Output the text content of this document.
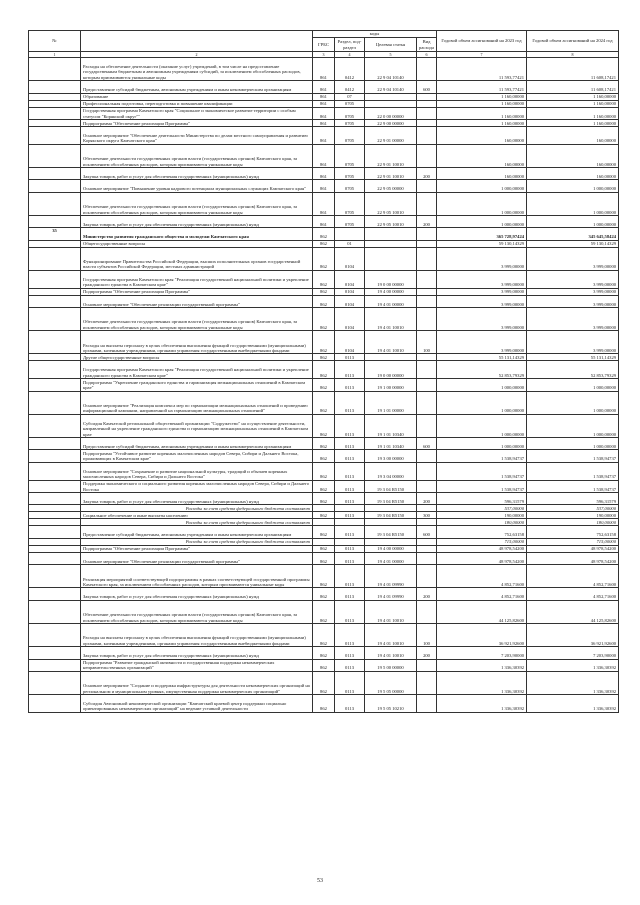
№		коды				Годовой объем ассигнований на 2023 год	Годовой объем ассигнований на 2024 год
		ГРБС	Раздел, под-раздел	Целевая статья	Вид расхода		
1	2	3	4	5	6	7	8
	Расходы на обеспечение деятельности (оказание услуг) учреждений, в том числе на предоставление государственным бюджетным и автономным учреждениям субсидий, за исключением обособленных расходов, которым присваиваются уникальные коды	861	0412	22 9 04 10140		11 593,77421	11 608,17421
	Предоставление субсидий бюджетным, автономным учреждениям и иным некоммерческим организациям	861	0412	22 9 04 10140	600	11 593,77421	11 608,17421
	Образование	861	07			1 160,00000	1 160,00000
	Профессиональная подготовка, переподготовка и повышение квалификации	861	0705			1 160,00000	1 160,00000
	Государственная программа Камчатского края "Социальное и экономическое развитие территории с особым статусом "Корякский округ""	861	0705	22 0 00 00000		1 160,00000	1 160,00000
	Подпрограмма "Обеспечение реализации Программы"	861	0705	22 9 00 00000		1 160,00000	1 160,00000
	Основное мероприятие "Обеспечение деятельности Министерства по делам местного самоуправления и развитию Корякского округа Камчатского края"	861	0705	22 9 01 00000		160,00000	160,00000
	Обеспечение деятельности государственных органов власти (государственных органов) Камчатского края, за исключением обособленных расходов, которым присваиваются уникальные коды	861	0705	22 9 01 10010		160,00000	160,00000
	Закупка товаров, работ и услуг для обеспечения государственных (муниципальных) нужд	861	0705	22 9 01 10010	200	160,00000	160,00000
	Основное мероприятие "Повышение уровня кадрового потенциала муниципальных служащих Камчатского края"	861	0705	22 9 05 00000		1 000,00000	1 000,00000
	Обеспечение деятельности государственных органов власти (государственных органов) Камчатского края, за исключением обособленных расходов, которым присваиваются уникальные коды	861	0705	22 9 05 10010		1 000,00000	1 000,00000
	Закупка товаров, работ и услуг для обеспечения государственных (муниципальных) нужд	861	0705	22 9 05 10010	200	1 000,00000	1 000,00000
35	Министерство развития гражданского общества и молодежи Камчатского края	862				365 728,97424	345 645,58424
	Общегосударственные вопросы	862	01			59 130,14329	59 130,14329
	Функционирование Правительства Российской Федерации, высших исполнительных органов государственной власти субъектов Российской Федерации, местных администраций	862	0104			3 999,00000	3 999,00000
	Государственная программа Камчатского края "Реализация государственной национальной политики и укрепление гражданского единства в Камчатском крае"	862	0104	19 0 00 00000		3 999,00000	3 999,00000
	Подпрограмма "Обеспечение реализации Программы"	862	0104	19 4 00 00000		3 999,00000	3 999,00000
	Основное мероприятие "Обеспечение реализации государственной программы"	862	0104	19 4 01 00000		3 999,00000	3 999,00000
	Обеспечение деятельности государственных органов власти (государственных органов) Камчатского края, за исключением обособленных расходов, которым присваиваются уникальные коды	862	0104	19 4 01 10010		3 999,00000	3 999,00000
	Расходы на выплаты персоналу в целях обеспечения выполнения функций государственными (муниципальными) органами, казенными учреждениями, органами управления государственными внебюджетными фондами	862	0104	19 4 01 10010	100	3 999,00000	3 999,00000
	Другие общегосударственные вопросы	862	0113			55 131,14329	55 131,14329
	Государственная программа Камчатского края "Реализация государственной национальной политики и укрепление гражданского единства в Камчатском крае"	862	0113	19 0 00 00000		52 853,79329	52 853,79329
	Подпрограмма "Укрепление гражданского единства и гармонизация межнациональных отношений в Камчатском крае"	862	0113	19 1 00 00000		1 000,00000	1 000,00000
	Основное мероприятие "Реализация комплекса мер по гармонизации межнациональных отношений и проведению информационной кампании, направленной на гармонизацию межнациональных отношений"	862	0113	19 1 01 00000		1 000,00000	1 000,00000
	Субсидия Камчатской региональной общественной организации "Содружество" на осуществление деятельности, направленной на укрепление гражданского единства и гармонизацию межнациональных отношений в Камчатском крае	862	0113	19 1 01 10340		1 000,00000	1 000,00000
	Предоставление субсидий бюджетным, автономным учреждениям и иным некоммерческим организациям	862	0113	19 1 01 10340	600	1 000,00000	1 000,00000
	Подпрограмма "Устойчивое развитие коренных малочисленных народов Севера, Сибири и Дальнего Востока, проживающих в Камчатском крае"	862	0113	19 3 00 00000		1 538,94737	1 538,94737
	Основное мероприятие "Сохранение и развитие национальной культуры, традиций и обычаев коренных малочисленных народов Севера, Сибири и Дальнего Востока"	862	0113	19 3 04 00000		1 538,94737	1 538,94737
	Поддержка экономического и социального развития коренных малочисленных народов Севера, Сибири и Дальнего Востока	862	0113	19 3 04 R5150		1 538,94737	1 538,94737
	Закупка товаров, работ и услуг для обеспечения государственных (муниципальных) нужд	862	0113	19 3 04 R5150	200	596,31579	596,31579
	Расходы за счет средств федерального бюджета составляют					537,00000	537,00000
	Социальное обеспечение и иные выплаты населению	862	0113	19 3 04 R5150	300	190,00000	190,00000
	Расходы за счет средств федерального бюджета составляют					180,00000	180,00000
	Предоставление субсидий бюджетным, автономным учреждениям и иным некоммерческим организациям	862	0113	19 3 04 R5150	600	752,63158	752,63158
	Расходы за счет средств федерального бюджета составляют					715,00000	715,00000
	Подпрограмма "Обеспечение реализации Программы"	862	0113	19 4 00 00000		48 978,54200	48 978,54200
	Основное мероприятие "Обеспечение реализации государственной программы"	862	0113	19 4 01 00000		48 978,54200	48 978,54200
	Реализация мероприятий соответствующей подпрограммы в рамках соответствующей государственной программы Камчатского края, за исключением обособленных расходов, которым присваиваются уникальные коды	862	0113	19 4 01 09990		4 852,71600	4 852,71600
	Закупка товаров, работ и услуг для обеспечения государственных (муниципальных) нужд	862	0113	19 4 01 09990	200	4 852,71600	4 852,71600
	Обеспечение деятельности государственных органов власти (государственных органов) Камчатского края, за исключением обособленных расходов, которым присваиваются уникальные коды	862	0113	19 4 01 10010		44 125,82600	44 125,82600
	Расходы на выплаты персоналу в целях обеспечения выполнения функций государственными (муниципальными) органами, казенными учреждениями, органами управления государственными внебюджетными фондами	862	0113	19 4 01 10010	100	36 921,92600	36 921,92600
	Закупка товаров, работ и услуг для обеспечения государственных (муниципальных) нужд	862	0113	19 4 01 10010	200	7 203,90000	7 203,90000
	Подпрограмма "Развитие гражданской активности и государственная поддержка некоммерческих неправительственных организаций"	862	0113	19 5 00 00000		1 336,30392	1 336,30392
	Основное мероприятие "Создание и поддержка инфраструктуры для деятельности некоммерческих организаций на региональном и муниципальном уровнях, имущественная поддержка некоммерческих организаций"	862	0113	19 5 05 00000		1 336,30392	1 336,30392
	Субсидия Автономной некоммерческой организации "Камчатский краевой центр поддержки социально ориентированных некоммерческих организаций" на ведение уставной деятельности	862	0113	19 5 05 10210		1 336,30392	1 336,30392
53
